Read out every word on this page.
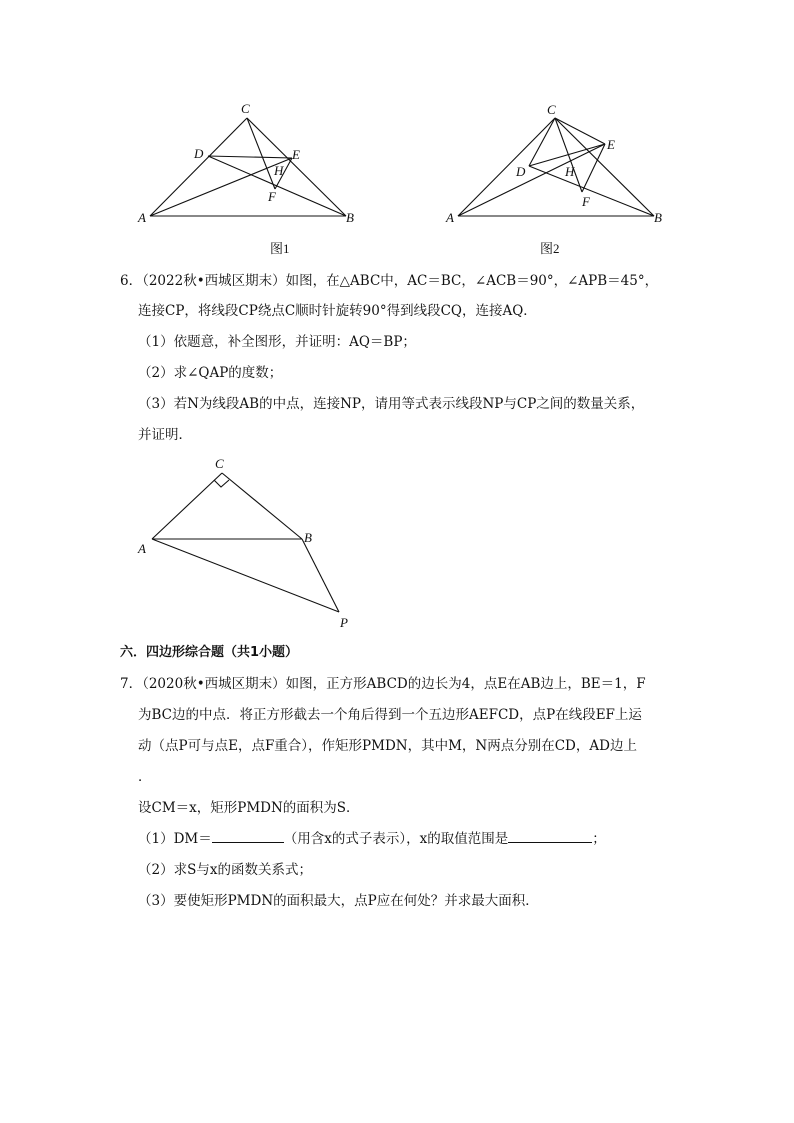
C
D	E
H
F
A	B
图1
C
E
D	H
F
A	B
图2
6．（2022秋•西城区期末）如图，在△ABC中，AC＝BC，∠ACB＝90°，∠APB＝45°，
连接CP，将线段CP绕点C顺时针旋转90°得到线段CQ，连接AQ．
（1）依题意，补全图形，并证明：AQ＝BP；
（2）求∠QAP的度数；
（3）若N为线段AB的中点，连接NP，请用等式表示线段NP与CP之间的数量关系，
并证明．
C
A
B
P
六．四边形综合题（共1小题）
7．（2020秋•西城区期末）如图，正方形ABCD的边长为4，点E在AB边上，BE＝1，F
为BC边的中点．将正方形截去一个角后得到一个五边形AEFCD，点P在线段EF上运
动（点P可与点E，点F重合），作矩形PMDN，其中M，N两点分别在CD，AD边上
．
设CM＝x，矩形PMDN的面积为S．
（1）DM＝	（用含x的式子表示），x的取值范围是	；
（2）求S与x的函数关系式；
（3）要使矩形PMDN的面积最大，点P应在何处？并求最大面积．
